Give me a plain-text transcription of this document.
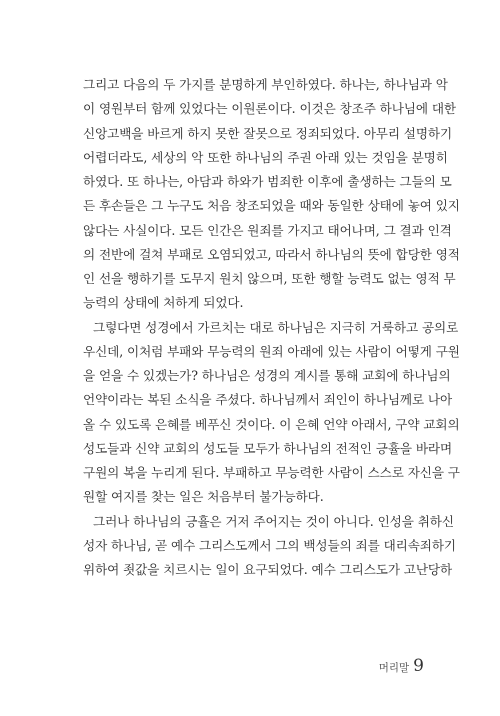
그리고 다음의 두 가지를 분명하게 부인하였다. 하나는, 하나님과 악

이 영원부터 함께 있었다는 이원론이다. 이것은 창조주 하나님에 대한

신앙고백을 바르게 하지 못한 잘못으로 정죄되었다. 아무리 설명하기

어렵더라도, 세상의 악 또한 하나님의 주권 아래 있는 것임을 분명히

하였다. 또 하나는, 아담과 하와가 범죄한 이후에 출생하는 그들의 모

든 후손들은 그 누구도 처음 창조되었을 때와 동일한 상태에 놓여 있지

않다는 사실이다. 모든 인간은 원죄를 가지고 태어나며, 그 결과 인격

의 전반에 걸쳐 부패로 오염되었고, 따라서 하나님의 뜻에 합당한 영적

인 선을 행하기를 도무지 원치 않으며, 또한 행할 능력도 없는 영적 무

능력의 상태에 처하게 되었다.

그렇다면 성경에서 가르치는 대로 하나님은 지극히 거룩하고 공의로

우신데, 이처럼 부패와 무능력의 원죄 아래에 있는 사람이 어떻게 구원

을 얻을 수 있겠는가? 하나님은 성경의 계시를 통해 교회에 하나님의

언약이라는 복된 소식을 주셨다. 하나님께서 죄인이 하나님께로 나아

올 수 있도록 은혜를 베푸신 것이다. 이 은혜 언약 아래서, 구약 교회의

성도들과 신약 교회의 성도들 모두가 하나님의 전적인 긍휼을 바라며

구원의 복을 누리게 된다. 부패하고 무능력한 사람이 스스로 자신을 구

원할 여지를 찾는 일은 처음부터 불가능하다.

그러나 하나님의 긍휼은 거저 주어지는 것이 아니다. 인성을 취하신

성자 하나님, 곧 예수 그리스도께서 그의 백성들의 죄를 대리속죄하기

위하여 죗값을 치르시는 일이 요구되었다. 예수 그리스도가 고난당하

머리말 9
